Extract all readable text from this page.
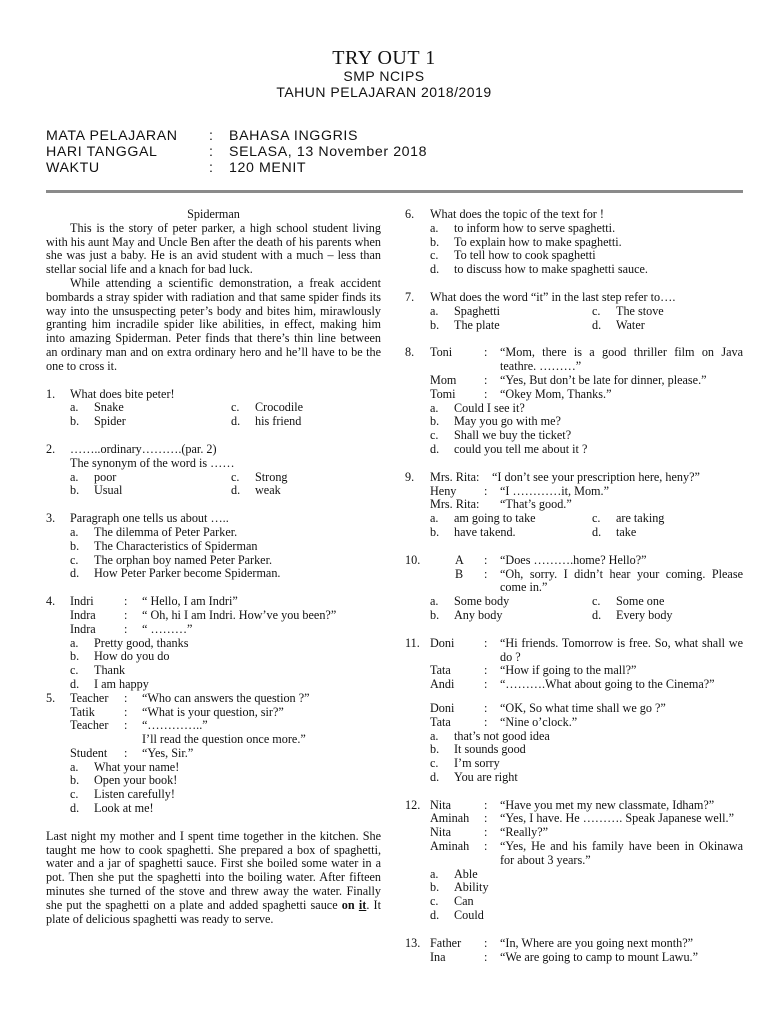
TRY OUT 1
SMP NCIPS
TAHUN PELAJARAN 2018/2019
MATA PELAJARAN : BAHASA INGGRIS
HARI TANGGAL	: SELASA, 13 November 2018
WAKTU	: 120 MENIT

Spiderman

This is the story of peter parker, a high school student living with his aunt May and Uncle Ben after the death of his parents when she was just a baby. He is an avid student with a much – less than stellar social life and a knach for bad luck.

While attending a scientific demonstration, a freak accident bombards a stray spider with radiation and that same spider finds its way into the unsuspecting peter’s body and bites him, mirawlously granting him incradile spider like abilities, in effect, making him into amazing Spiderman. Peter finds that there’s thin line between an ordinary man and on extra ordinary hero and he’ll have to be the one to cross it.

1. What does bite peter!
a. Snake	c. Crocodile
b. Spider	d. his friend
2. ……..ordinary……….(par. 2)
The synonym of the word is ……
a. poor	c. Strong
b. Usual	d. weak
3. Paragraph one tells us about …..
a. The dilemma of Peter Parker.
b. The Characteristics of Spiderman
c. The orphan boy named Peter Parker.
d. How Peter Parker become Spiderman.
4. Indri : “ Hello, I am Indri”
Indra : “ Oh, hi I am Indri. How’ve you been?”
Indra : “ ………”
a. Pretty good, thanks
b. How do you do
c. Thank
d. I am happy
5. Teacher : “Who can answers the question ?”
Tatik : “What is your question, sir?”
Teacher : “…………..”
I’ll read the question once more.”
Student : “Yes, Sir.”
a. What your name!
b. Open your book!
c. Listen carefully!
d. Look at me!

Last night my mother and I spent time together in the kitchen. She taught me how to cook spaghetti. She prepared a box of spaghetti, water and a jar of spaghetti sauce. First she boiled some water in a pot. Then she put the spaghetti into the boiling water. After fifteen minutes she turned of the stove and threw away the water. Finally she put the spaghetti on a plate and added spaghetti sauce on it. It plate of delicious spaghetti was ready to serve.

6. What does the topic of the text for !
a. to inform how to serve spaghetti.
b. To explain how to make spaghetti.
c. To tell how to cook spaghetti
d. to discuss how to make spaghetti sauce.
7. What does the word “it” in the last step refer to….
a. Spaghetti	c. The stove
b. The plate	d. Water
8. Toni	: “Mom, there is a good thriller film on Java teathre. ………”

Mom : “Yes, But don’t be late for dinner, please.”
Tomi : “Okey Mom, Thanks.”
a. Could I see it?
b. May you go with me?
c. Shall we buy the ticket?
d. could you tell me about it ?
9. Mrs. Rita: “I don’t see your prescription here, heny?”
Heny : “I …………it, Mom.”
Mrs. Rita: “That’s good.”
a. am going to take	c. are taking
b. have takend.	d. take
10.	A : “Does ……….home? Hello?”
B : “Oh, sorry. I didn’t hear your coming. Please come in.”

a. Some body	c. Some one
b. Any body	d. Every body
11. Doni : “Hi friends. Tomorrow is free. So, what shall we do ?

Tata	: “How if going to the mall?”
Andi : “……….What about going to the Cinema?”

Doni : “OK, So what time shall we go ?”
Tata	: “Nine o’clock.”
a. that’s not good idea
b. It sounds good
c. I’m sorry
d. You are right
12. Nita	: “Have you met my new classmate, Idham?”

Aminah : “Yes, I have. He ………. Speak Japanese well.”

Nita	: “Really?”
Aminah : “Yes, He and his family have been in Okinawa for about 3 years.”

a. Able
b. Ability
c. Can
d. Could
13. Father : “In, Where are you going next month?”
Ina	: “We are going to camp to mount Lawu.”
